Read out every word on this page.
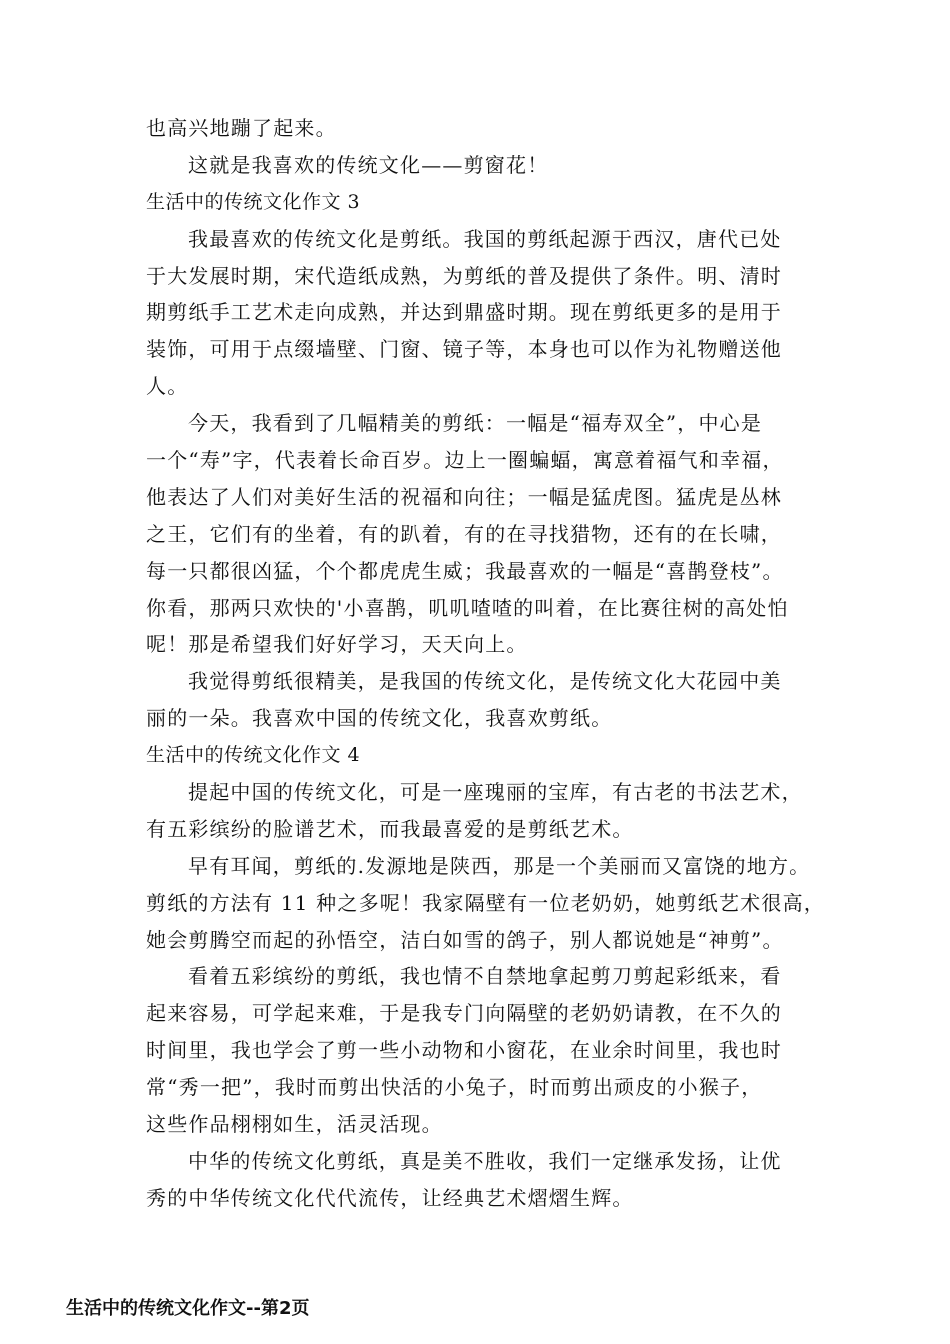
也高兴地蹦了起来。
这就是我喜欢的传统文化——剪窗花！
生活中的传统文化作文 3
我最喜欢的传统文化是剪纸。我国的剪纸起源于西汉，唐代已处
于大发展时期，宋代造纸成熟，为剪纸的普及提供了条件。明、清时
期剪纸手工艺术走向成熟，并达到鼎盛时期。现在剪纸更多的是用于
装饰，可用于点缀墙壁、门窗、镜子等，本身也可以作为礼物赠送他
人。
今天，我看到了几幅精美的剪纸：一幅是“福寿双全”，中心是
一个“寿”字，代表着长命百岁。边上一圈蝙蝠，寓意着福气和幸福，
他表达了人们对美好生活的祝福和向往；一幅是猛虎图。猛虎是丛林
之王，它们有的坐着，有的趴着，有的在寻找猎物，还有的在长啸，
每一只都很凶猛，个个都虎虎生威；我最喜欢的一幅是“喜鹊登枝”。
你看，那两只欢快的'小喜鹊，叽叽喳喳的叫着，在比赛往树的高处怕
呢！那是希望我们好好学习，天天向上。
我觉得剪纸很精美，是我国的传统文化，是传统文化大花园中美
丽的一朵。我喜欢中国的传统文化，我喜欢剪纸。
生活中的传统文化作文 4
提起中国的传统文化，可是一座瑰丽的宝库，有古老的书法艺术，
有五彩缤纷的脸谱艺术，而我最喜爱的是剪纸艺术。
早有耳闻，剪纸的.发源地是陕西，那是一个美丽而又富饶的地方。
剪纸的方法有 11 种之多呢！我家隔壁有一位老奶奶，她剪纸艺术很高，
她会剪腾空而起的孙悟空，洁白如雪的鸽子，别人都说她是“神剪”。
看着五彩缤纷的剪纸，我也情不自禁地拿起剪刀剪起彩纸来，看
起来容易，可学起来难，于是我专门向隔壁的老奶奶请教，在不久的
时间里，我也学会了剪一些小动物和小窗花，在业余时间里，我也时
常“秀一把”，我时而剪出快活的小兔子，时而剪出顽皮的小猴子，
这些作品栩栩如生，活灵活现。
中华的传统文化剪纸，真是美不胜收，我们一定继承发扬，让优
秀的中华传统文化代代流传，让经典艺术熠熠生辉。
生活中的传统文化作文--第2页
